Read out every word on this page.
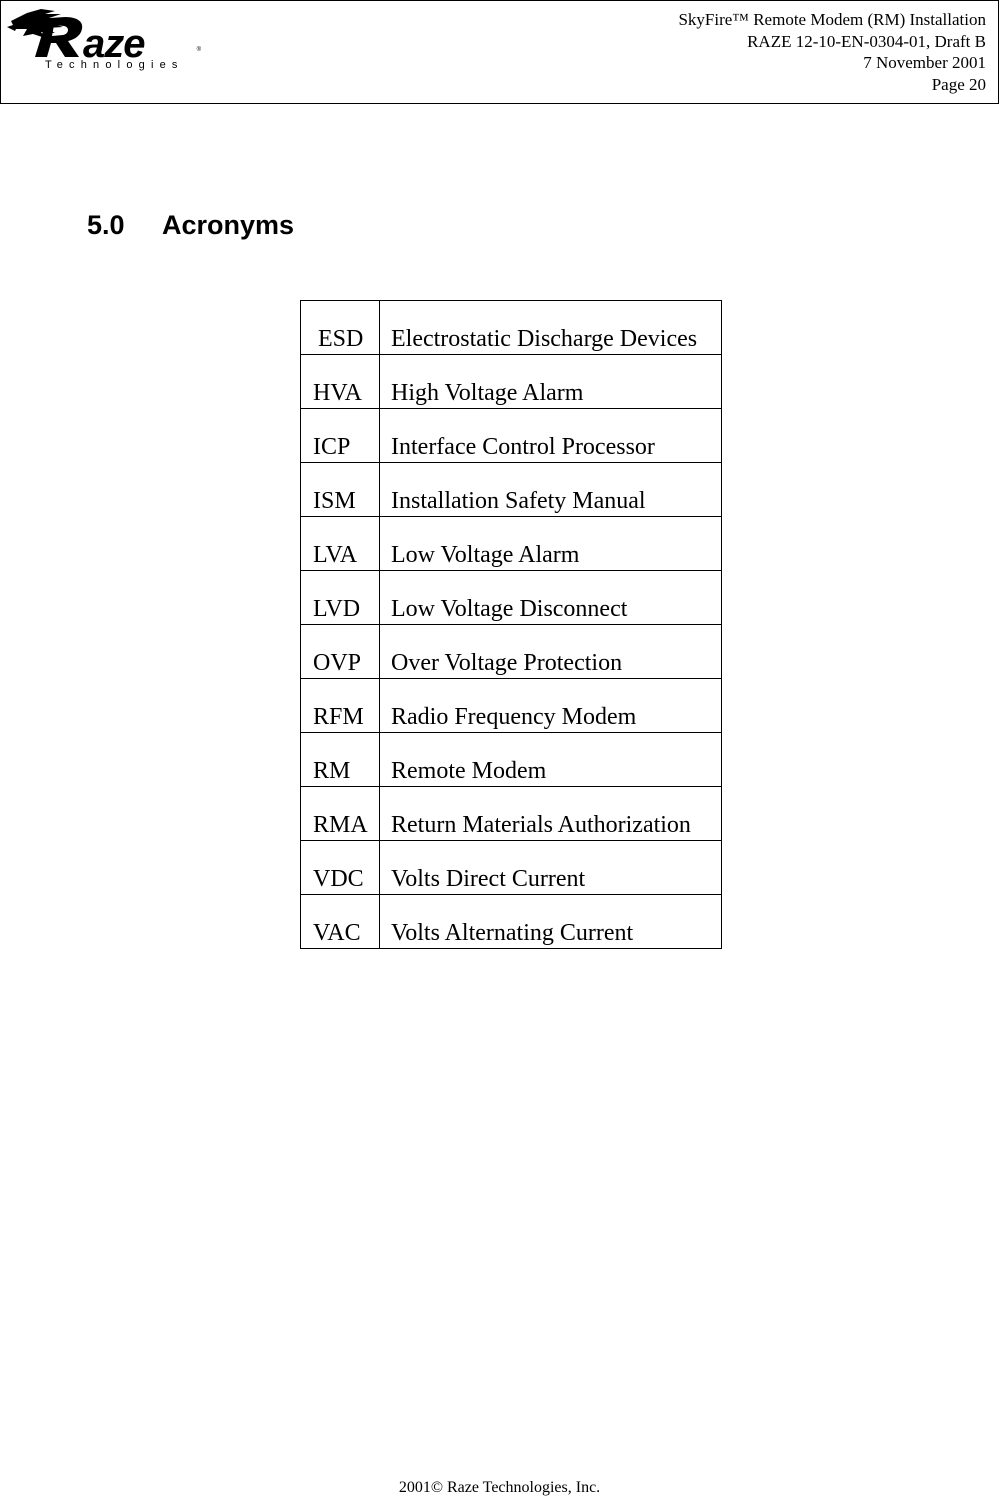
aze	®
Technologies
SkyFire™ Remote Modem (RM) Installation
RAZE 12-10-EN-0304-01, Draft B
7 November 2001
Page 20
5.0 Acronyms
ESD	Electrostatic Discharge Devices
HVA	High Voltage Alarm
ICP	Interface Control Processor
ISM	Installation Safety Manual
LVA	Low Voltage Alarm
LVD	Low Voltage Disconnect
OVP	Over Voltage Protection
RFM	Radio Frequency Modem
RM	Remote Modem
RMA	Return Materials Authorization
VDC	Volts Direct Current
VAC	Volts Alternating Current
2001© Raze Technologies, Inc.
